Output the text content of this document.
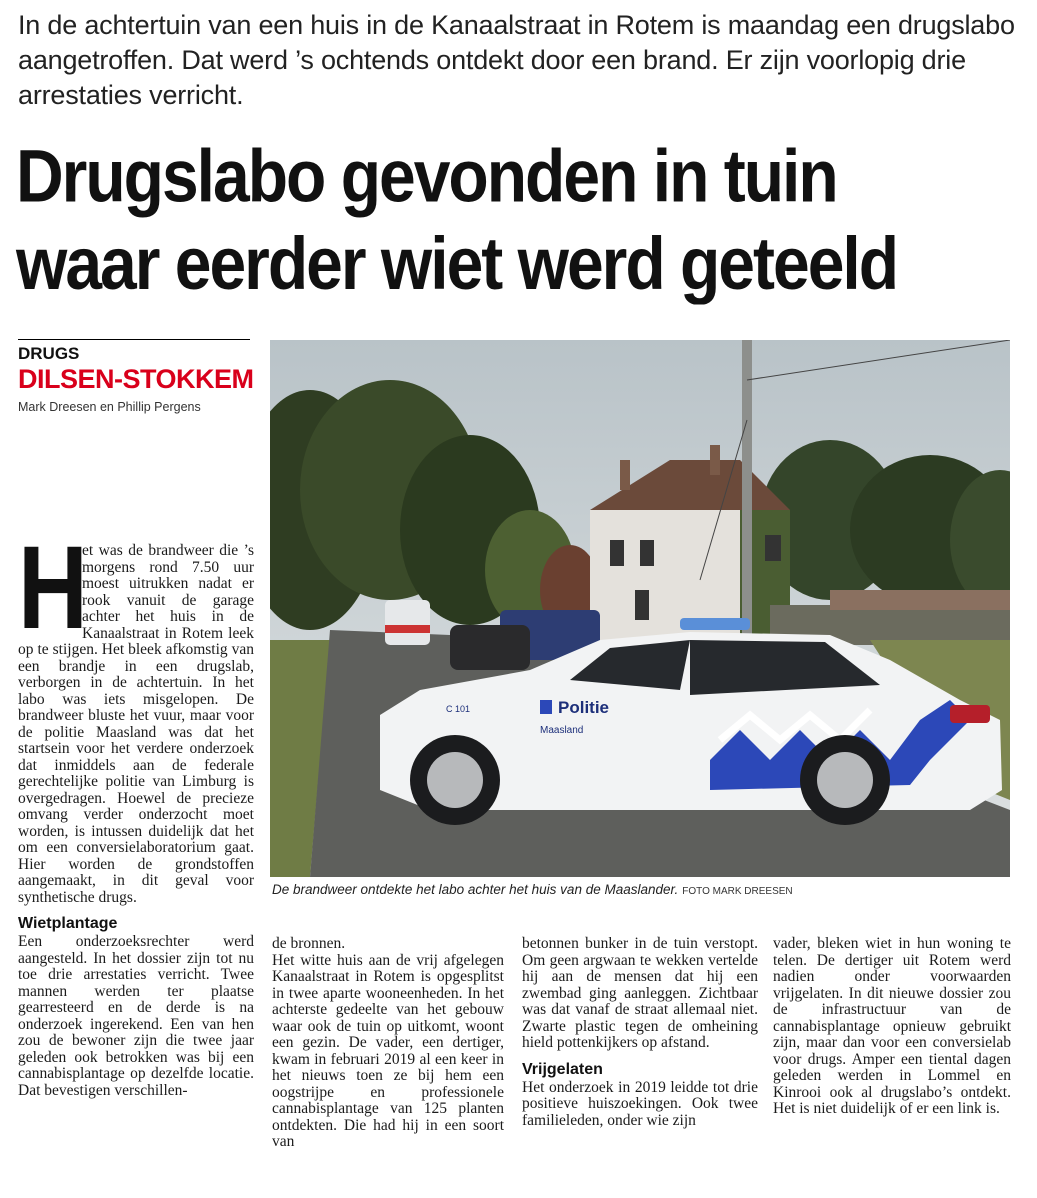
In de achtertuin van een huis in de Kanaalstraat in Rotem is maandag een drugslabo aangetroffen. Dat werd ’s ochtends ontdekt door een brand. Er zijn voorlopig drie arrestaties verricht.
Drugslabo gevonden in tuin
waar eerder wiet werd geteeld
DRUGS
DILSEN-STOKKEM
Mark Dreesen en Phillip Pergens
Politie
Maasland
C 101
De brandweer ontdekte het labo achter het huis van de Maaslander. FOTO MARK DREESEN
H

et was de brandweer die ’s morgens rond 7.50 uur moest uitrukken nadat er rook vanuit de garage achter het huis in de Kanaalstraat in Rotem leek op te stijgen. Het bleek afkomstig van een brandje in een drugslab, verborgen in de achtertuin. In het labo was iets misgelopen. De brandweer bluste het vuur, maar voor de politie Maasland was dat het startsein voor het verdere onderzoek dat inmiddels aan de federale gerechtelijke politie van Limburg is overgedragen. Hoewel de precieze omvang verder onderzocht moet worden, is intussen duidelijk dat het om een conversielaboratorium gaat. Hier worden de grondstoffen aangemaakt, in dit geval voor synthetische drugs.

Wietplantage

Een onderzoeksrechter werd aangesteld. In het dossier zijn tot nu toe drie arrestaties verricht. Twee mannen werden ter plaatse gearresteerd en de derde is na onderzoek ingerekend. Een van hen zou de bewoner zijn die twee jaar geleden ook betrokken was bij een cannabisplantage op dezelfde locatie. Dat bevestigen verschillen-

de bronnen.

Het witte huis aan de vrij afgelegen Kanaalstraat in Rotem is opgesplitst in twee aparte wooneenheden. In het achterste gedeelte van het gebouw waar ook de tuin op uitkomt, woont een gezin. De vader, een dertiger, kwam in februari 2019 al een keer in het nieuws toen ze bij hem een oogstrijpe en professionele cannabisplantage van 125 planten ontdekten. Die had hij in een soort van

betonnen bunker in de tuin verstopt. Om geen argwaan te wekken vertelde hij aan de mensen dat hij een zwembad ging aanleggen. Zichtbaar was dat vanaf de straat allemaal niet. Zwarte plastic tegen de omheining hield pottenkijkers op afstand.

Vrijgelaten

Het onderzoek in 2019 leidde tot drie positieve huiszoekingen. Ook twee familieleden, onder wie zijn

vader, bleken wiet in hun woning te telen. De dertiger uit Rotem werd nadien onder voorwaarden vrijgelaten. In dit nieuwe dossier zou de infrastructuur van de cannabisplantage opnieuw gebruikt zijn, maar dan voor een conversielab voor drugs. Amper een tiental dagen geleden werden in Lommel en Kinrooi ook al drugslabo’s ontdekt. Het is niet duidelijk of er een link is.
